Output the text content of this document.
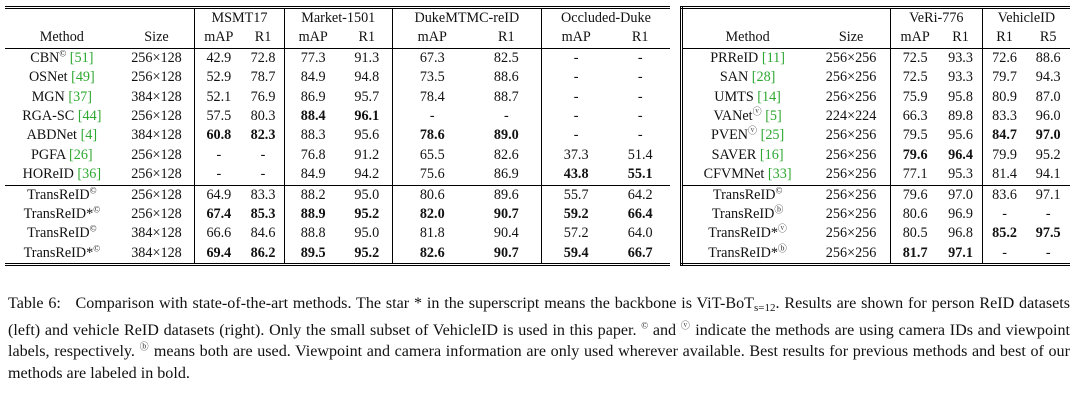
		MSMT17		Market-1501		DukeMTMC-reID		Occluded-Duke	
Method	Size	mAP	R1	mAP	R1	mAP	R1	mAP	R1
CBN© [51]	256×128	42.9	72.8	77.3	91.3	67.3	82.5	-	-
OSNet [49]	256×128	52.9	78.7	84.9	94.8	73.5	88.6	-	-
MGN [37]	384×128	52.1	76.9	86.9	95.7	78.4	88.7	-	-
RGA-SC [44]	256×128	57.5	80.3	88.4	96.1	-	-	-	-
ABDNet [4]	384×128	60.8	82.3	88.3	95.6	78.6	89.0	-	-
PGFA [26]	256×128	-	-	76.8	91.2	65.5	82.6	37.3	51.4
HOReID [36]	256×128	-	-	84.9	94.2	75.6	86.9	43.8	55.1
TransReID©	256×128	64.9	83.3	88.2	95.0	80.6	89.6	55.7	64.2
TransReID*©	256×128	67.4	85.3	88.9	95.2	82.0	90.7	59.2	66.4
TransReID©	384×128	66.6	84.6	88.8	95.0	81.8	90.4	57.2	64.0
TransReID*©	384×128	69.4	86.2	89.5	95.2	82.6	90.7	59.4	66.7
		VeRi-776		VehicleID	
Method	Size	mAP	R1	R1	R5
PRReID [11]	256×256	72.5	93.3	72.6	88.6
SAN [28]	256×256	72.5	93.3	79.7	94.3
UMTS [14]	256×256	75.9	95.8	80.9	87.0
VANetⓥ [5]	224×224	66.3	89.8	83.3	96.0
PVENⓥ [25]	256×256	79.5	95.6	84.7	97.0
SAVER [16]	256×256	79.6	96.4	79.9	95.2
CFVMNet [33]	256×256	77.1	95.3	81.4	94.1
TransReID©	256×256	79.6	97.0	83.6	97.1
TransReIDⓑ	256×256	80.6	96.9	-	-
TransReID*ⓥ	256×256	80.5	96.8	85.2	97.5
TransReID*ⓑ	256×256	81.7	97.1	-	-
Table 6: Comparison with state-of-the-art methods. The star * in the superscript means the backbone is ViT-BoT$_{s=12}$. Results are shown for person ReID datasets (left) and vehicle ReID datasets (right). Only the small subset of VehicleID is used in this paper. © and ⓥ indicate the methods are using camera IDs and viewpoint labels, respectively. ⓑ means both are used. Viewpoint and camera information are only used wherever available. Best results for previous methods and best of our methods are labeled in bold.
